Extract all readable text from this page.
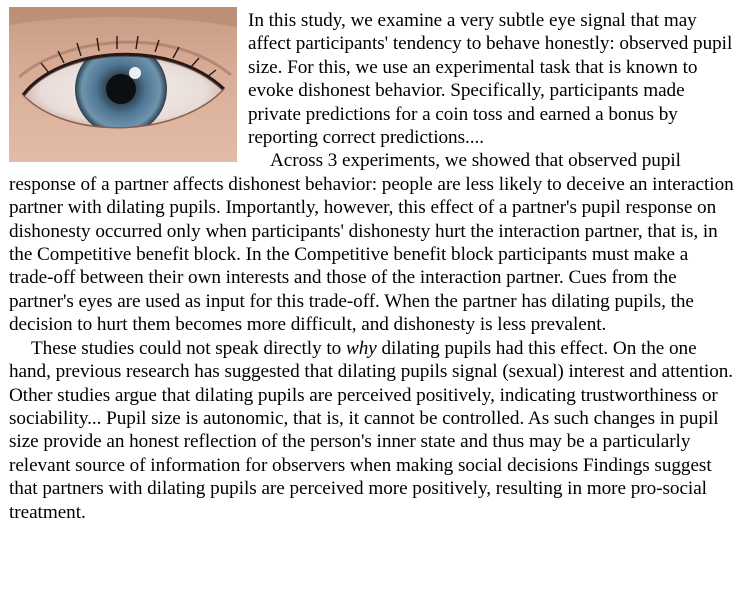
In this study, we examine a very subtle eye signal that may affect participants' tendency to behave honestly: observed pupil size. For this, we use an experimental task that is known to evoke dishonest behavior. Specifically, participants made private predictions for a coin toss and earned a bonus by reporting correct predictions....

Across 3 experiments, we showed that observed pupil response of a partner affects dishonest behavior: people are less likely to deceive an interaction partner with dilating pupils. Importantly, however, this effect of a partner's pupil response on dishonesty occurred only when participants' dishonesty hurt the interaction partner, that is, in the Competitive benefit block. In the Competitive benefit block participants must make a trade-off between their own interests and those of the interaction partner. Cues from the partner's eyes are used as input for this trade-off. When the partner has dilating pupils, the decision to hurt them becomes more difficult, and dishonesty is less prevalent.

These studies could not speak directly to why dilating pupils had this effect. On the one hand, previous research has suggested that dilating pupils signal (sexual) interest and attention. Other studies argue that dilating pupils are perceived positively, indicating trustworthiness or sociability... Pupil size is autonomic, that is, it cannot be controlled. As such changes in pupil size provide an honest reflection of the person's inner state and thus may be a particularly relevant source of information for observers when making social decisions Findings suggest that partners with dilating pupils are perceived more positively, resulting in more pro-social treatment.
